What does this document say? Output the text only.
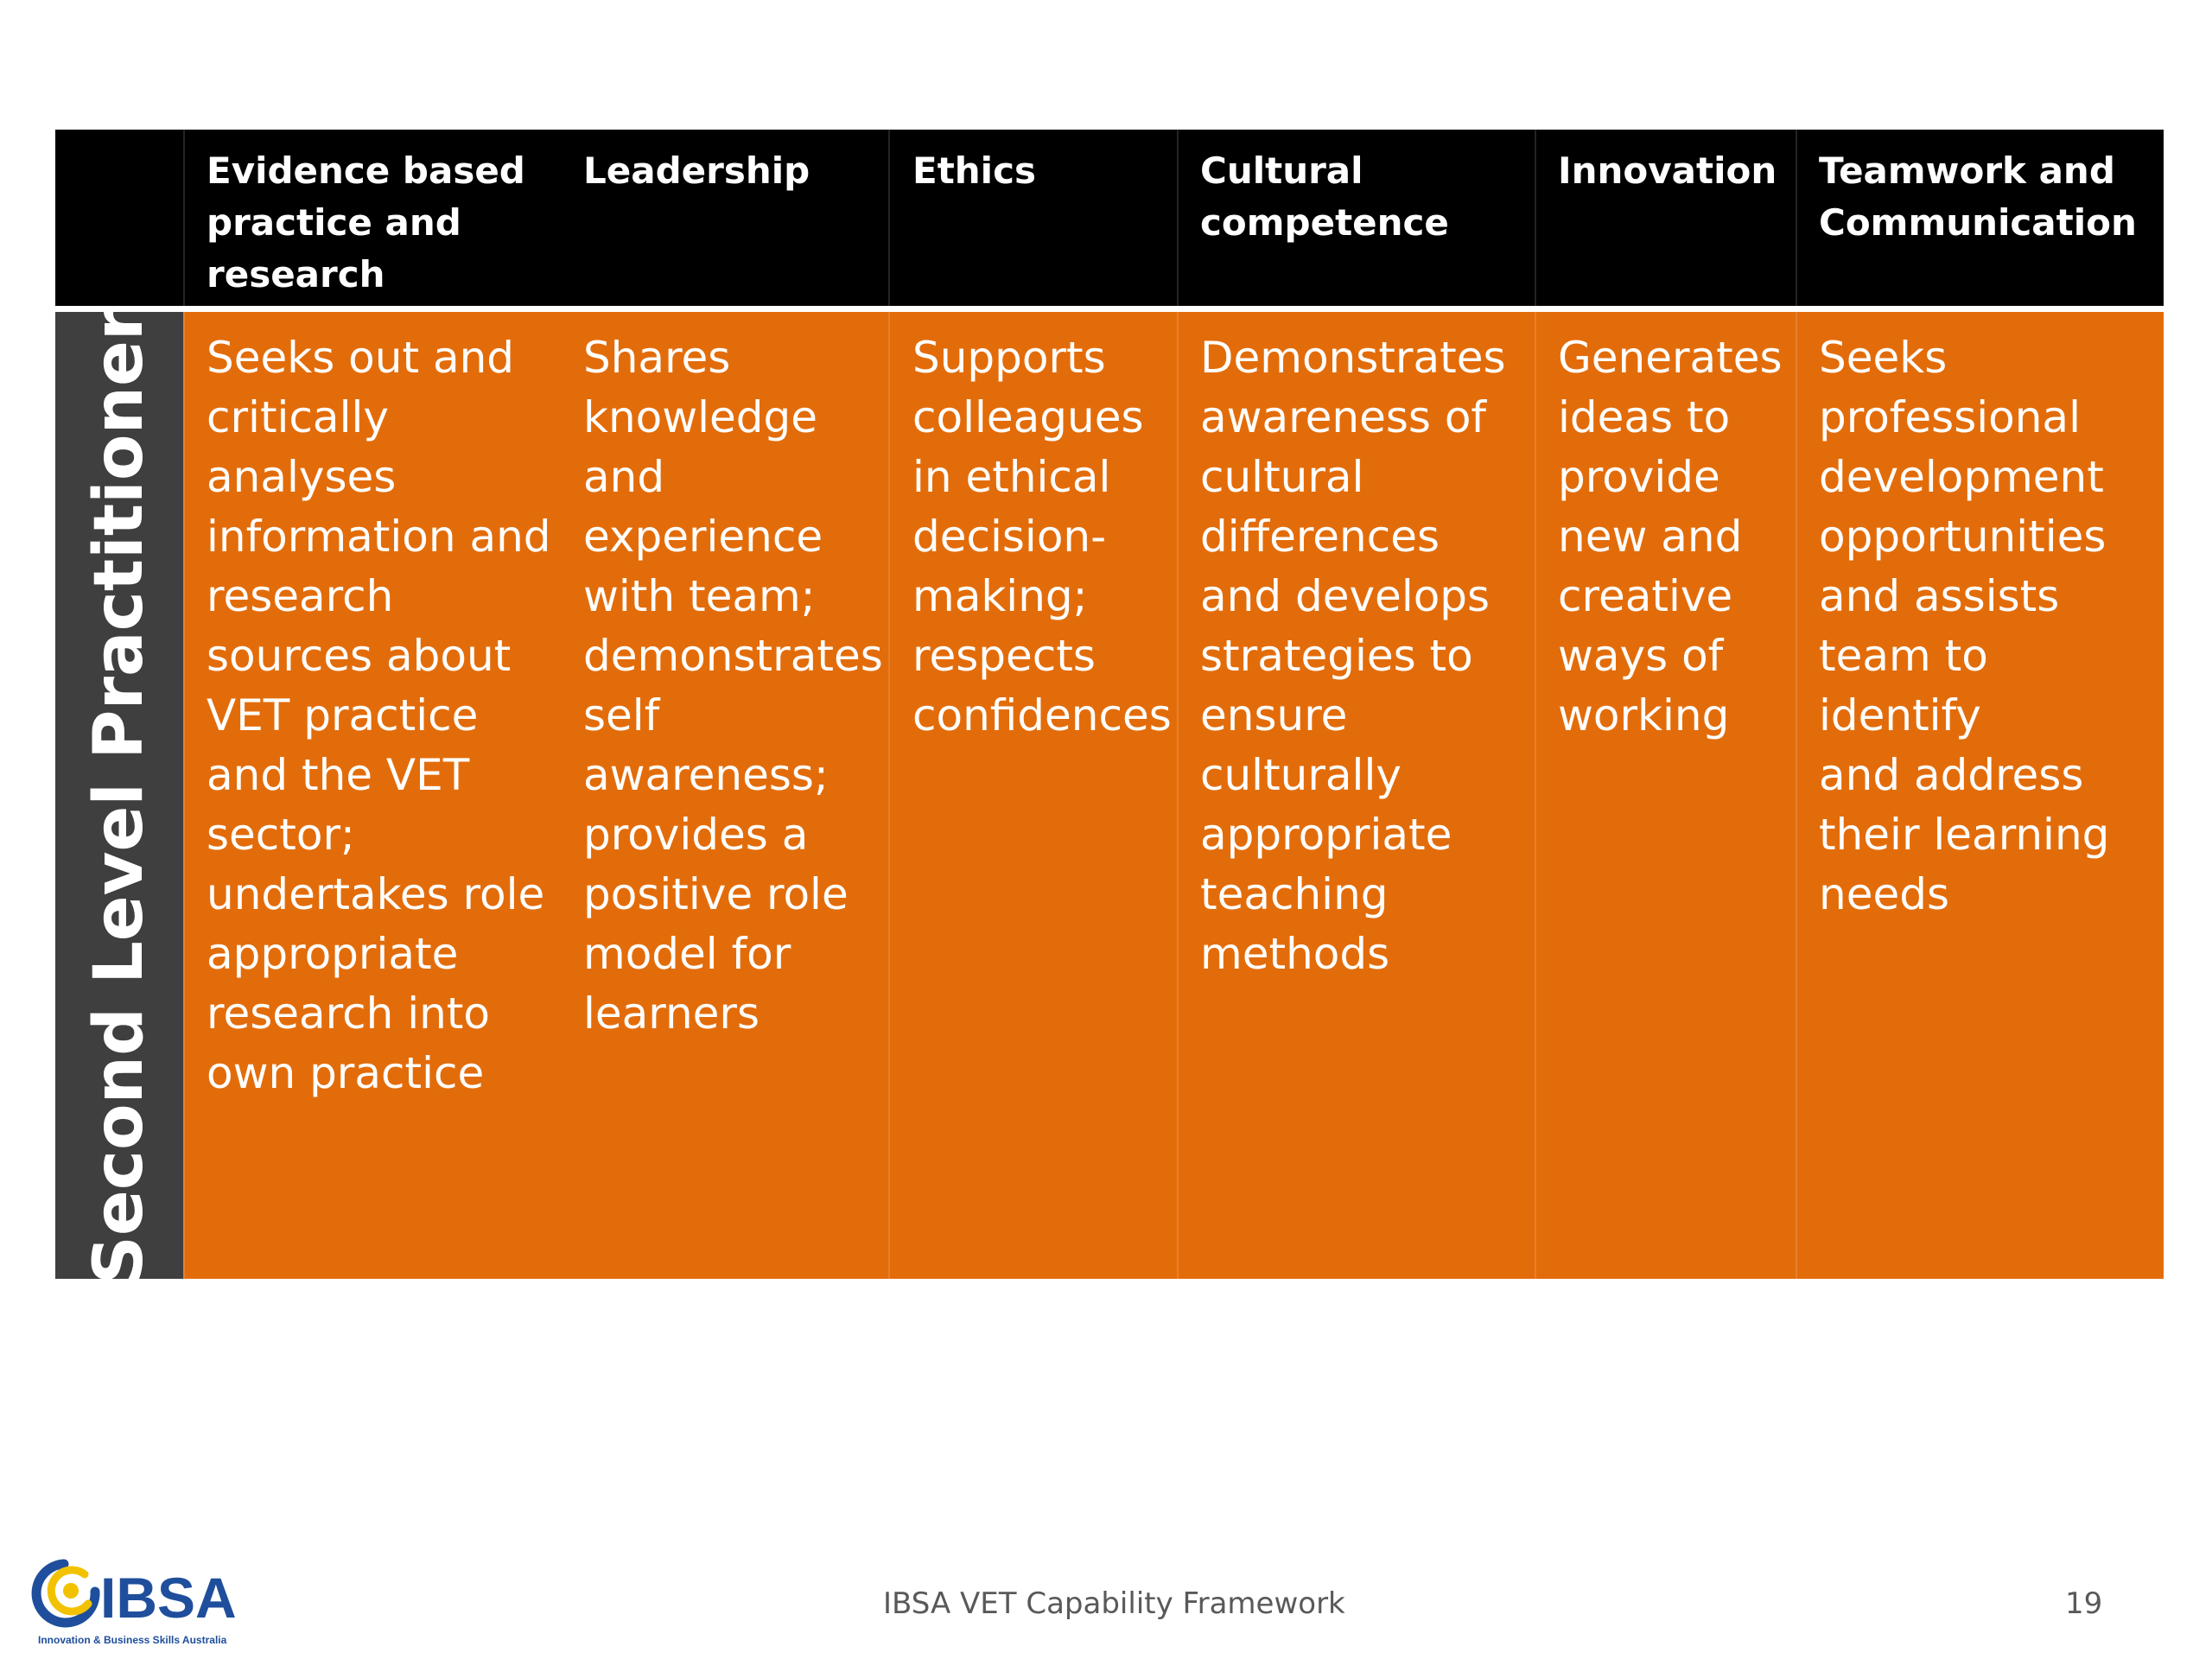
Second Level Practitioner
Evidence based
practice and
research
Seeks out and
critically
analyses
information and
research
sources about
VET practice
and the VET
sector;
undertakes role
appropriate
research into
own practice
Leadership
Shares
knowledge
and
experience
with team;
demonstrates
self
awareness;
provides a
positive role
model for
learners
Ethics
Supports
colleagues
in ethical
decision-
making;
respects
confidences
Cultural
competence
Demonstrates
awareness of
cultural
differences
and develops
strategies to
ensure
culturally
appropriate
teaching
methods
Innovation
Generates
ideas to
provide
new and
creative
ways of
working
Teamwork and
Communication
Seeks
professional
development
opportunities
and assists
team to identify
and address
their learning
needs
IBSA
Innovation & Business Skills Australia
IBSA VET Capability Framework	19
